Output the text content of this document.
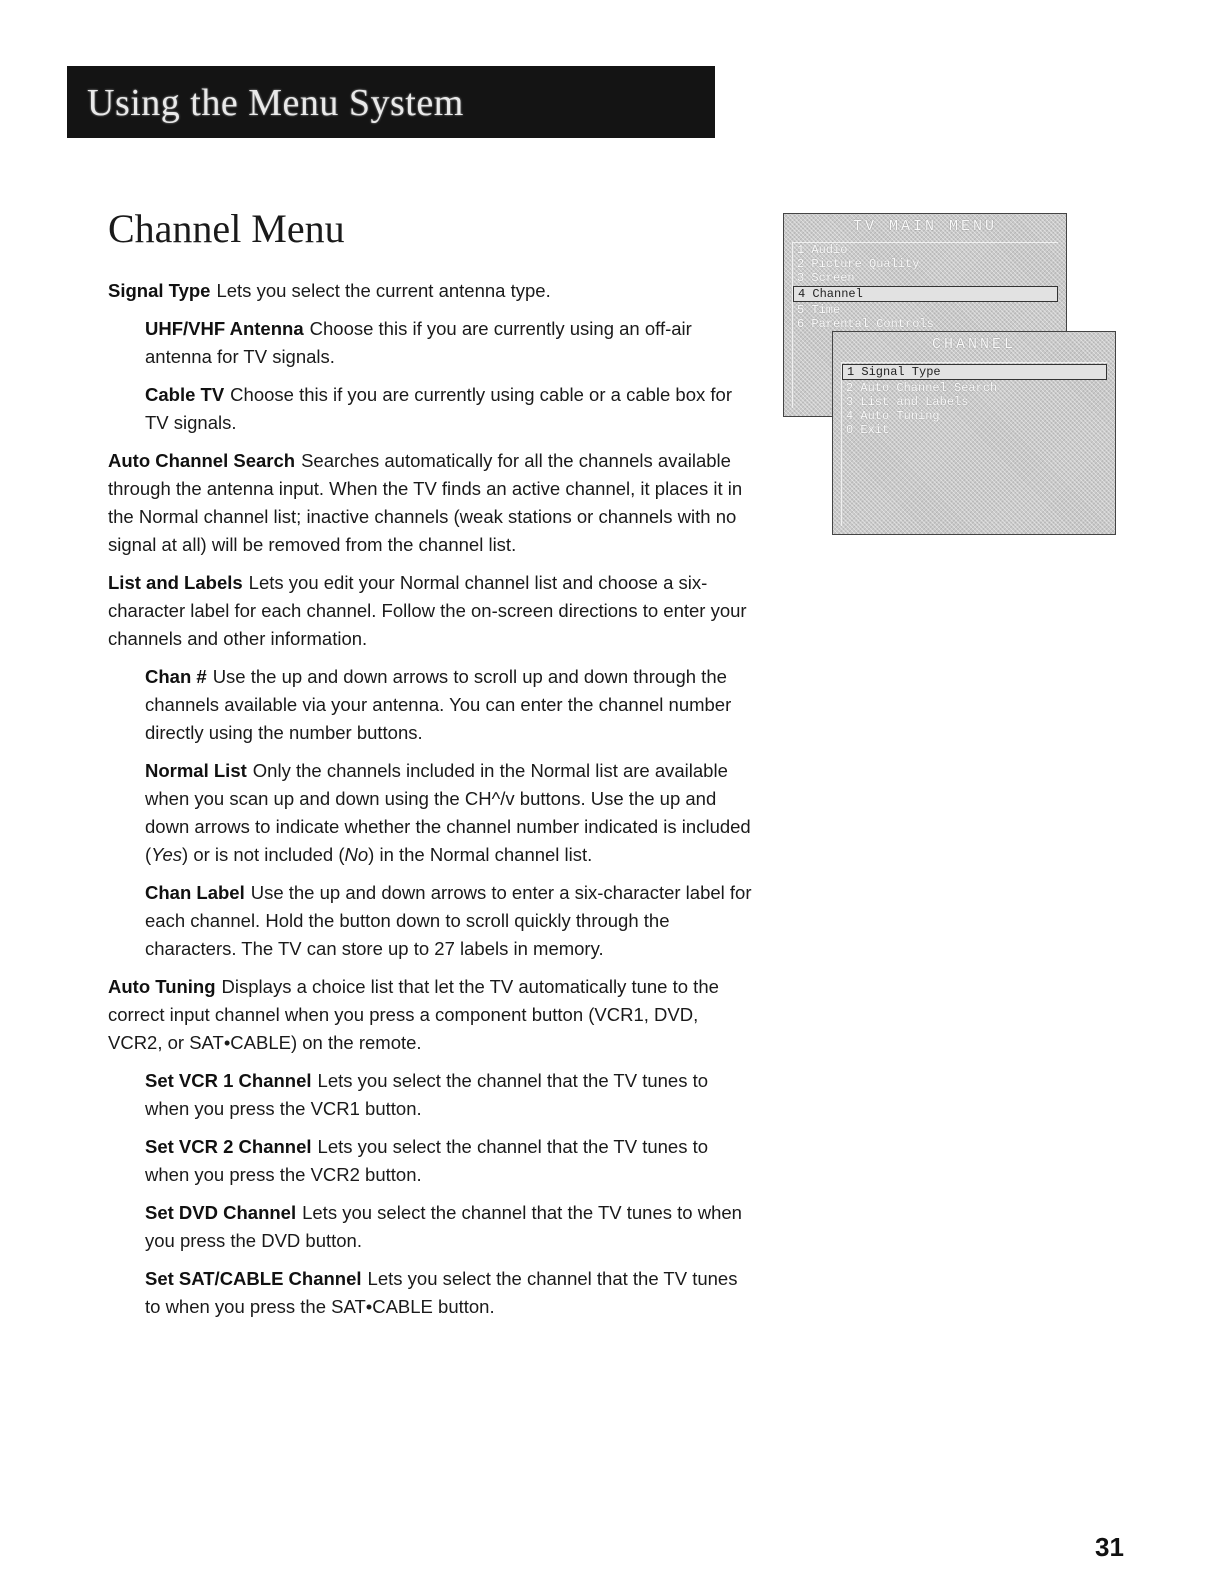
Using the Menu System
Channel Menu

Signal Type Lets you select the current antenna type.

UHF/VHF Antenna Choose this if you are currently using an off-air antenna for TV signals.

Cable TV Choose this if you are currently using cable or a cable box for TV signals.

Auto Channel Search Searches automatically for all the channels available through the antenna input. When the TV finds an active channel, it places it in the Normal channel list; inactive channels (weak stations or channels with no signal at all) will be removed from the channel list.

List and Labels Lets you edit your Normal channel list and choose a six-character label for each channel. Follow the on-screen directions to enter your channels and other information.

Chan # Use the up and down arrows to scroll up and down through the channels available via your antenna. You can enter the channel number directly using the number buttons.

Normal List Only the channels included in the Normal list are available when you scan up and down using the CH^/v buttons. Use the up and down arrows to indicate whether the channel number indicated is included (Yes) or is not included (No) in the Normal channel list.

Chan Label Use the up and down arrows to enter a six-character label for each channel. Hold the button down to scroll quickly through the characters. The TV can store up to 27 labels in memory.

Auto Tuning Displays a choice list that let the TV automatically tune to the correct input channel when you press a component button (VCR1, DVD, VCR2, or SAT•CABLE) on the remote.

Set VCR 1 Channel Lets you select the channel that the TV tunes to when you press the VCR1 button.

Set VCR 2 Channel Lets you select the channel that the TV tunes to when you press the VCR2 button.

Set DVD Channel Lets you select the channel that the TV tunes to when you press the DVD button.

Set SAT/CABLE Channel Lets you select the channel that the TV tunes to when you press the SAT•CABLE button.

TV MAIN MENU
1 Audio
2 Picture Quality
3 Screen
4 Channel
5 Time
6 Parental Controls
CHANNEL
1 Signal Type
2 Auto Channel Search
3 List and Labels
4 Auto Tuning
0 Exit
31
